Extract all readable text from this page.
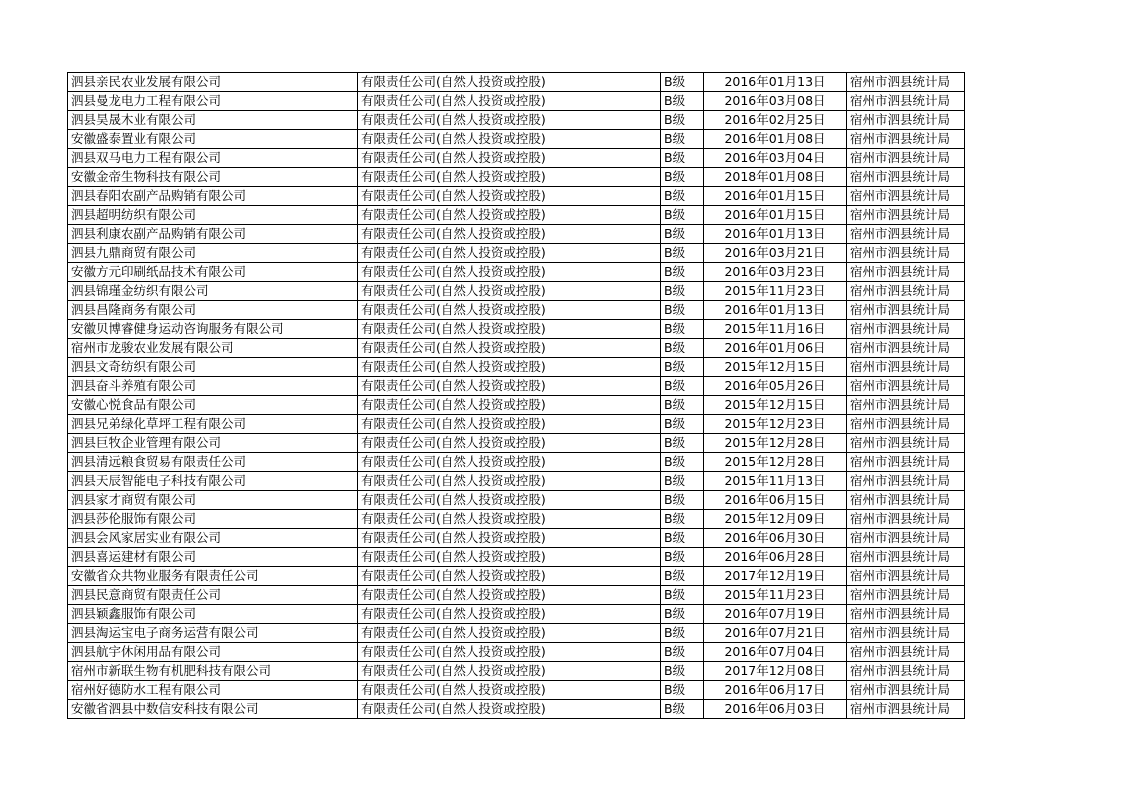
泗县亲民农业发展有限公司	有限责任公司(自然人投资或控股)	B级	2016年01月13日	宿州市泗县统计局
泗县曼龙电力工程有限公司	有限责任公司(自然人投资或控股)	B级	2016年03月08日	宿州市泗县统计局
泗县昊晟木业有限公司	有限责任公司(自然人投资或控股)	B级	2016年02月25日	宿州市泗县统计局
安徽盛泰置业有限公司	有限责任公司(自然人投资或控股)	B级	2016年01月08日	宿州市泗县统计局
泗县双马电力工程有限公司	有限责任公司(自然人投资或控股)	B级	2016年03月04日	宿州市泗县统计局
安徽金帝生物科技有限公司	有限责任公司(自然人投资或控股)	B级	2018年01月08日	宿州市泗县统计局
泗县春阳农副产品购销有限公司	有限责任公司(自然人投资或控股)	B级	2016年01月15日	宿州市泗县统计局
泗县超明纺织有限公司	有限责任公司(自然人投资或控股)	B级	2016年01月15日	宿州市泗县统计局
泗县利康农副产品购销有限公司	有限责任公司(自然人投资或控股)	B级	2016年01月13日	宿州市泗县统计局
泗县九鼎商贸有限公司	有限责任公司(自然人投资或控股)	B级	2016年03月21日	宿州市泗县统计局
安徽方元印刷纸品技术有限公司	有限责任公司(自然人投资或控股)	B级	2016年03月23日	宿州市泗县统计局
泗县锦瑾金纺织有限公司	有限责任公司(自然人投资或控股)	B级	2015年11月23日	宿州市泗县统计局
泗县昌隆商务有限公司	有限责任公司(自然人投资或控股)	B级	2016年01月13日	宿州市泗县统计局
安徽贝博睿健身运动咨询服务有限公司	有限责任公司(自然人投资或控股)	B级	2015年11月16日	宿州市泗县统计局
宿州市龙骏农业发展有限公司	有限责任公司(自然人投资或控股)	B级	2016年01月06日	宿州市泗县统计局
泗县文奇纺织有限公司	有限责任公司(自然人投资或控股)	B级	2015年12月15日	宿州市泗县统计局
泗县奋斗养殖有限公司	有限责任公司(自然人投资或控股)	B级	2016年05月26日	宿州市泗县统计局
安徽心悦食品有限公司	有限责任公司(自然人投资或控股)	B级	2015年12月15日	宿州市泗县统计局
泗县兄弟绿化草坪工程有限公司	有限责任公司(自然人投资或控股)	B级	2015年12月23日	宿州市泗县统计局
泗县巨牧企业管理有限公司	有限责任公司(自然人投资或控股)	B级	2015年12月28日	宿州市泗县统计局
泗县清远粮食贸易有限责任公司	有限责任公司(自然人投资或控股)	B级	2015年12月28日	宿州市泗县统计局
泗县天辰智能电子科技有限公司	有限责任公司(自然人投资或控股)	B级	2015年11月13日	宿州市泗县统计局
泗县家才商贸有限公司	有限责任公司(自然人投资或控股)	B级	2016年06月15日	宿州市泗县统计局
泗县莎伦服饰有限公司	有限责任公司(自然人投资或控股)	B级	2015年12月09日	宿州市泗县统计局
泗县会风家居实业有限公司	有限责任公司(自然人投资或控股)	B级	2016年06月30日	宿州市泗县统计局
泗县喜运建材有限公司	有限责任公司(自然人投资或控股)	B级	2016年06月28日	宿州市泗县统计局
安徽省众共物业服务有限责任公司	有限责任公司(自然人投资或控股)	B级	2017年12月19日	宿州市泗县统计局
泗县民意商贸有限责任公司	有限责任公司(自然人投资或控股)	B级	2015年11月23日	宿州市泗县统计局
泗县颖鑫服饰有限公司	有限责任公司(自然人投资或控股)	B级	2016年07月19日	宿州市泗县统计局
泗县淘运宝电子商务运营有限公司	有限责任公司(自然人投资或控股)	B级	2016年07月21日	宿州市泗县统计局
泗县航宇休闲用品有限公司	有限责任公司(自然人投资或控股)	B级	2016年07月04日	宿州市泗县统计局
宿州市新联生物有机肥科技有限公司	有限责任公司(自然人投资或控股)	B级	2017年12月08日	宿州市泗县统计局
宿州好德防水工程有限公司	有限责任公司(自然人投资或控股)	B级	2016年06月17日	宿州市泗县统计局
安徽省泗县中数信安科技有限公司	有限责任公司(自然人投资或控股)	B级	2016年06月03日	宿州市泗县统计局
